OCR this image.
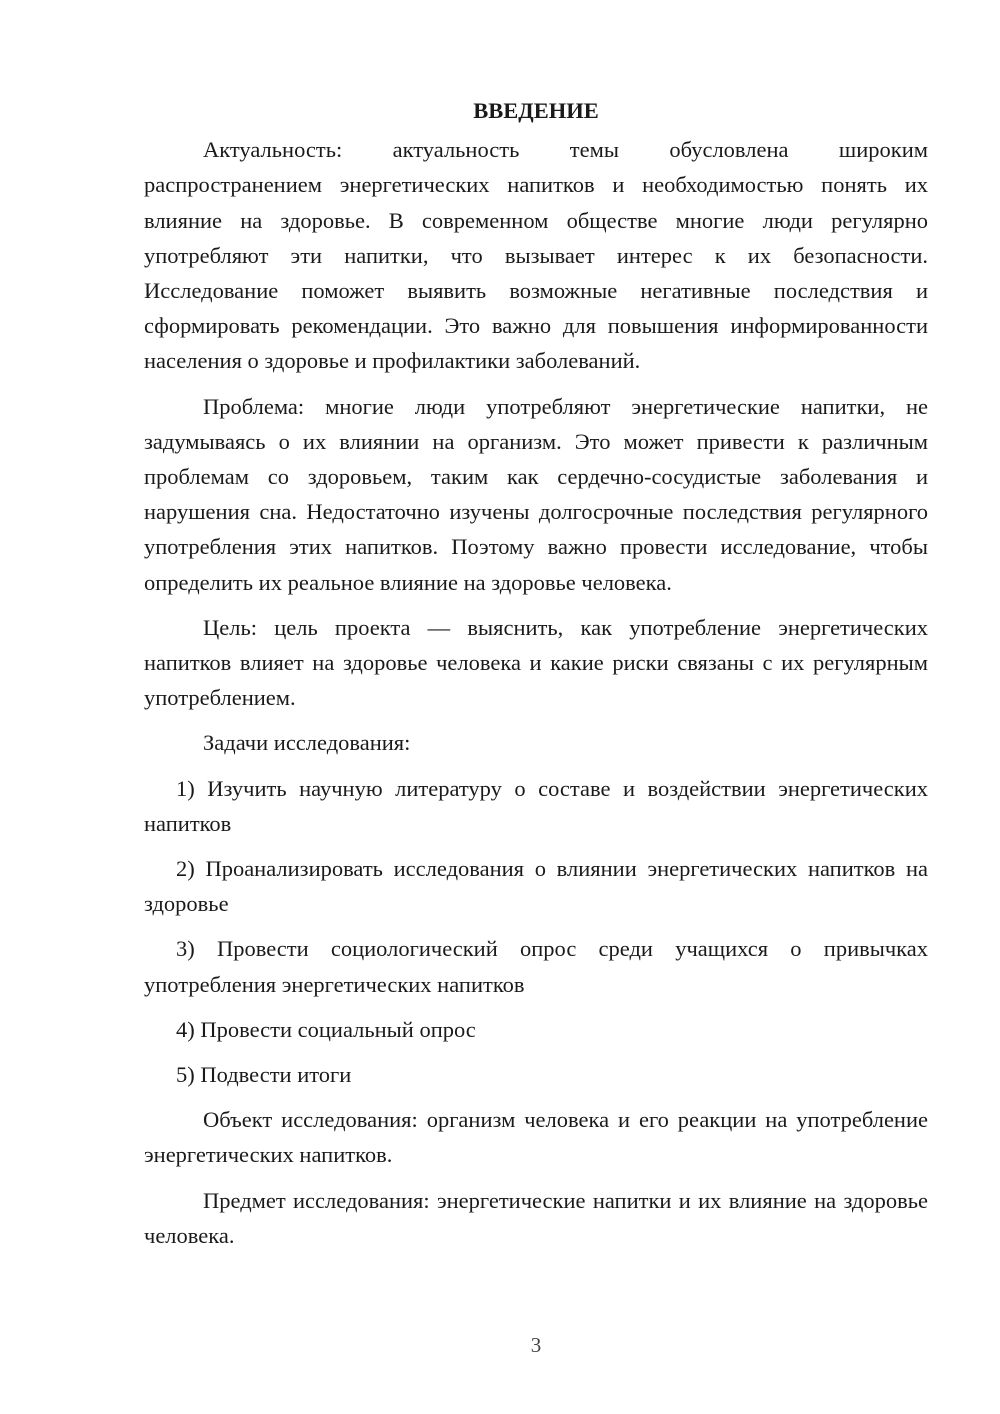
ВВЕДЕНИЕ

Актуальность: актуальность темы обусловлена широким распространением энергетических напитков и необходимостью понять их влияние на здоровье. В современном обществе многие люди регулярно употребляют эти напитки, что вызывает интерес к их безопасности. Исследование поможет выявить возможные негативные последствия и сформировать рекомендации. Это важно для повышения информированности населения о здоровье и профилактики заболеваний.

Проблема: многие люди употребляют энергетические напитки, не задумываясь о их влиянии на организм. Это может привести к различным проблемам со здоровьем, таким как сердечно-сосудистые заболевания и нарушения сна. Недостаточно изучены долгосрочные последствия регулярного употребления этих напитков. Поэтому важно провести исследование, чтобы определить их реальное влияние на здоровье человека.

Цель: цель проекта — выяснить, как употребление энергетических напитков влияет на здоровье человека и какие риски связаны с их регулярным употреблением.

Задачи исследования:

1) Изучить научную литературу о составе и воздействии энергетических напитков

2) Проанализировать исследования о влиянии энергетических напитков на здоровье

3) Провести социологический опрос среди учащихся о привычках употребления энергетических напитков

4) Провести социальный опрос

5) Подвести итоги

Объект исследования: организм человека и его реакции на употребление энергетических напитков.

Предмет исследования: энергетические напитки и их влияние на здоровье человека.

3
